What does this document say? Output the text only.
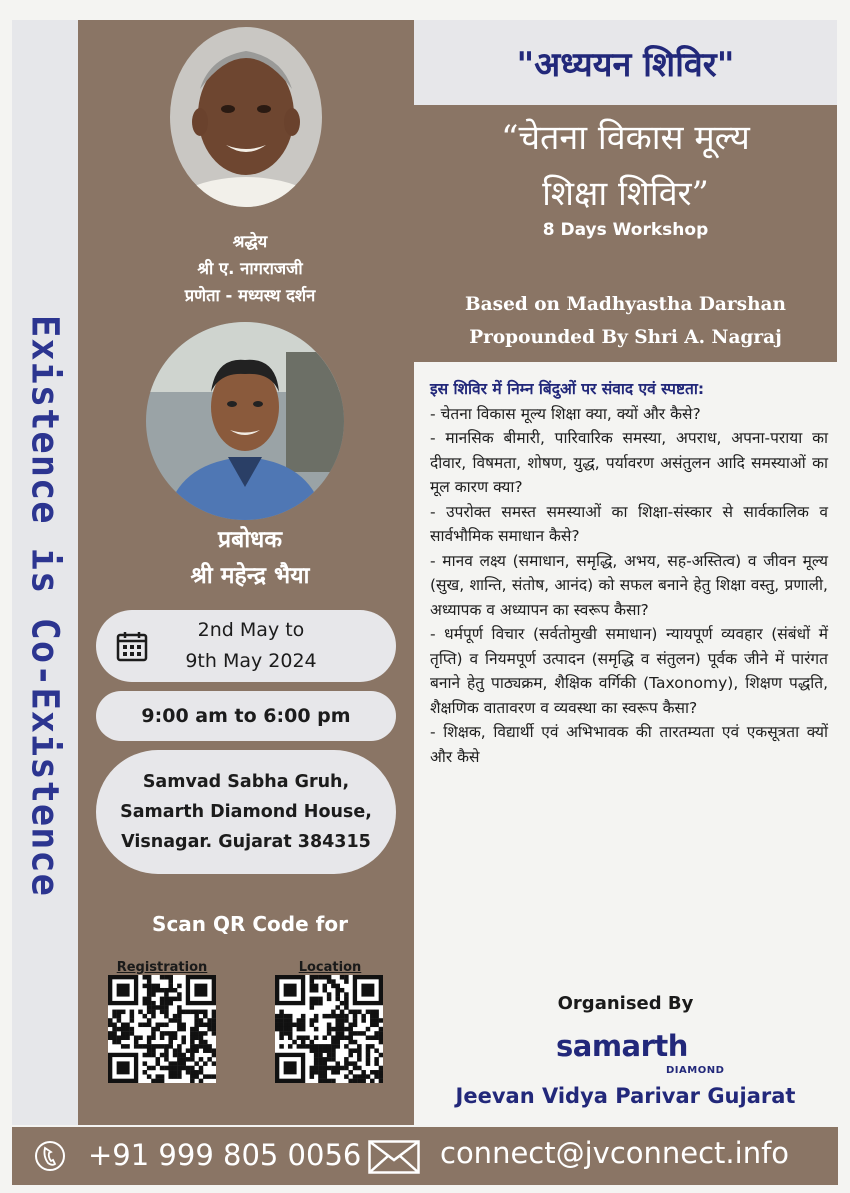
Existence is Co-Existence
"अध्ययन शिविर"
श्रद्धेय
श्री ए. नागराजजी
प्रणेता - मध्यस्थ दर्शन
प्रबोधक
श्री महेन्द्र भैया
2nd May to
9th May 2024
9:00 am to 6:00 pm
Samvad Sabha Gruh,
Samarth Diamond House,
Visnagar. Gujarat 384315
Scan QR Code for
Registration	Location
“चेतना विकास मूल्य
शिक्षा शिविर”
8 Days Workshop
Based on Madhyastha Darshan
Propounded By Shri A. Nagraj
इस शिविर में निम्न बिंदुओं पर संवाद एवं स्पष्टता:
- चेतना विकास मूल्य शिक्षा क्या, क्यों और कैसे?
- मानसिक बीमारी, पारिवारिक समस्या, अपराध, अपना-पराया का दीवार, विषमता, शोषण, युद्ध, पर्यावरण असंतुलन आदि समस्याओं का मूल कारण क्या?
- उपरोक्त समस्त समस्याओं का शिक्षा-संस्कार से सार्वकालिक व सार्वभौमिक समाधान कैसे?
- मानव लक्ष्य (समाधान, समृद्धि, अभय, सह-अस्तित्व) व जीवन मूल्य (सुख, शान्ति, संतोष, आनंद) को सफल बनाने हेतु शिक्षा वस्तु, प्रणाली, अध्यापक व अध्यापन का स्वरूप कैसा?
- धर्मपूर्ण विचार (सर्वतोमुखी समाधान) न्यायपूर्ण व्यवहार (संबंधों में तृप्ति) व नियमपूर्ण उत्पादन (समृद्धि व संतुलन) पूर्वक जीने में पारंगत बनाने हेतु पाठ्यक्रम, शैक्षिक वर्गिकी (Taxonomy), शिक्षण पद्धति, शैक्षणिक वातावरण व व्यवस्था का स्वरूप कैसा?
- शिक्षक, विद्यार्थी एवं अभिभावक की तारतम्यता एवं एकसूत्रता क्यों और कैसे
Organised By
samarth
DIAMOND
Jeevan Vidya Parivar Gujarat
+91 999 805 0056	connect@jvconnect.info
